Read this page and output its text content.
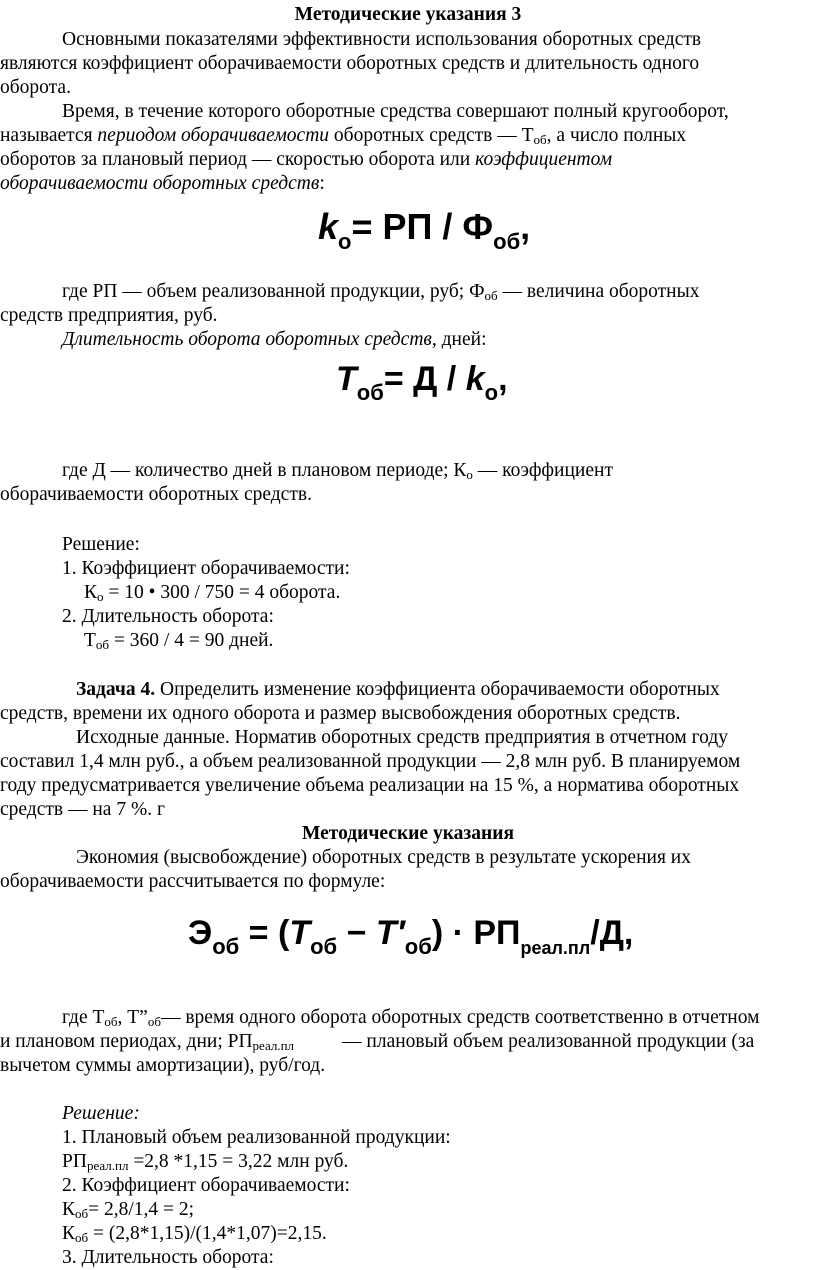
Методические указания 3
Основными показателями эффективности использования оборотных средств
являются коэффициент оборачиваемости оборотных средств и длительность одного
оборота.
Время, в течение которого оборотные средства совершают полный кругооборот,
называется периодом оборачиваемости оборотных средств — $Т_{об}$, а число полных
оборотов за плановый период — скоростью оборота или коэффициентом
оборачиваемости оборотных средств:
$k_о=$ РП / $Ф_{об}$,
где РП — объем реализованной продукции, руб; $Ф_{об}$ — величина оборотных
средств предприятия, руб.
Длительность оборота оборотных средств, дней:
$T_{об}= Д / k_о$,
где Д — количество дней в плановом периоде; $К_о$ — коэффициент
оборачиваемости оборотных средств.
Решение:
1. Коэффициент оборачиваемости:
$К_о = 10$ • 300 / 750 = 4 оборота.
2. Длительность оборота:
$Т_{об} = 360 / 4 = 90$ дней.
Задача 4. Определить изменение коэффициента оборачиваемости оборотных
средств, времени их одного оборота и размер высвобождения оборотных средств.
Исходные данные. Норматив оборотных средств предприятия в отчетном году
составил 1,4 млн руб., а объем реализованной продукции — 2,8 млн руб. В планируемом
году предусматривается увеличение объема реализации на 15 %, а норматива оборотных
средств — на 7 %. г
Методические указания
Экономия (высвобождение) оборотных средств в результате ускорения их
оборачиваемости рассчитывается по формуле:
$Э_{об} = (T_{об} - T'_{об}) \cdot РП_{реал.пл}/Д$,
где $Т_{об}$, $Т”_{об}—$ время одного оборота оборотных средств соответственно в отчетном
и плановом периодах, дни; $РП_{реал.пл}$ — плановый объем реализованной продукции (за
вычетом суммы амортизации), руб/год.
Решение:
1. Плановый объем реализованной продукции:
$РП_{реал.пл} =2,8$ *1,15 = 3,22 млн руб.
2. Коэффициент оборачиваемости:
$К_{об}= 2,8/1,4 = 2$;
$К_{об} = (2,8*1,15)/(1,4*1,07)=2,15$.
3. Длительность оборота:
